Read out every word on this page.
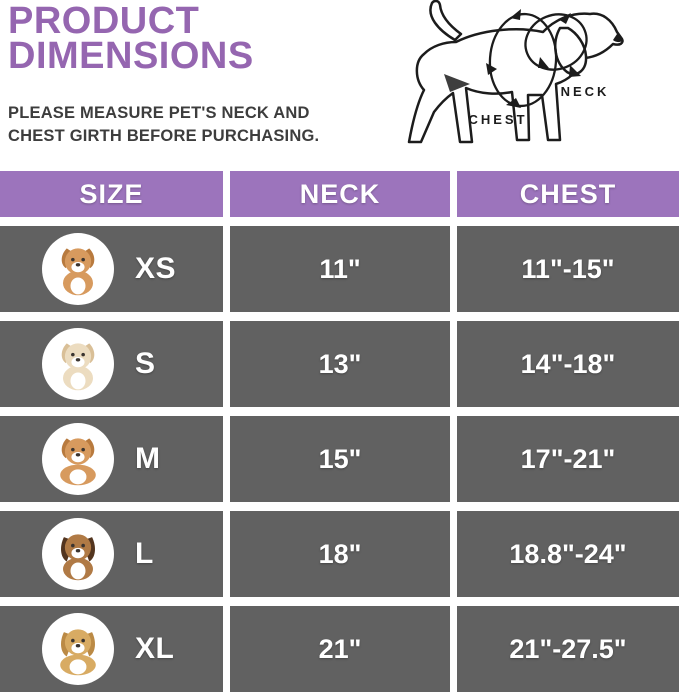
PRODUCT
DIMENSIONS
PLEASE MEASURE PET'S NECK AND
CHEST GIRTH BEFORE PURCHASING.
CHEST
NECK
SIZE	NECK	CHEST
XS	11"	11"-15"
S	13"	14"-18"
M	15"	17"-21"
L	18"	18.8"-24"
XL	21"	21"-27.5"
